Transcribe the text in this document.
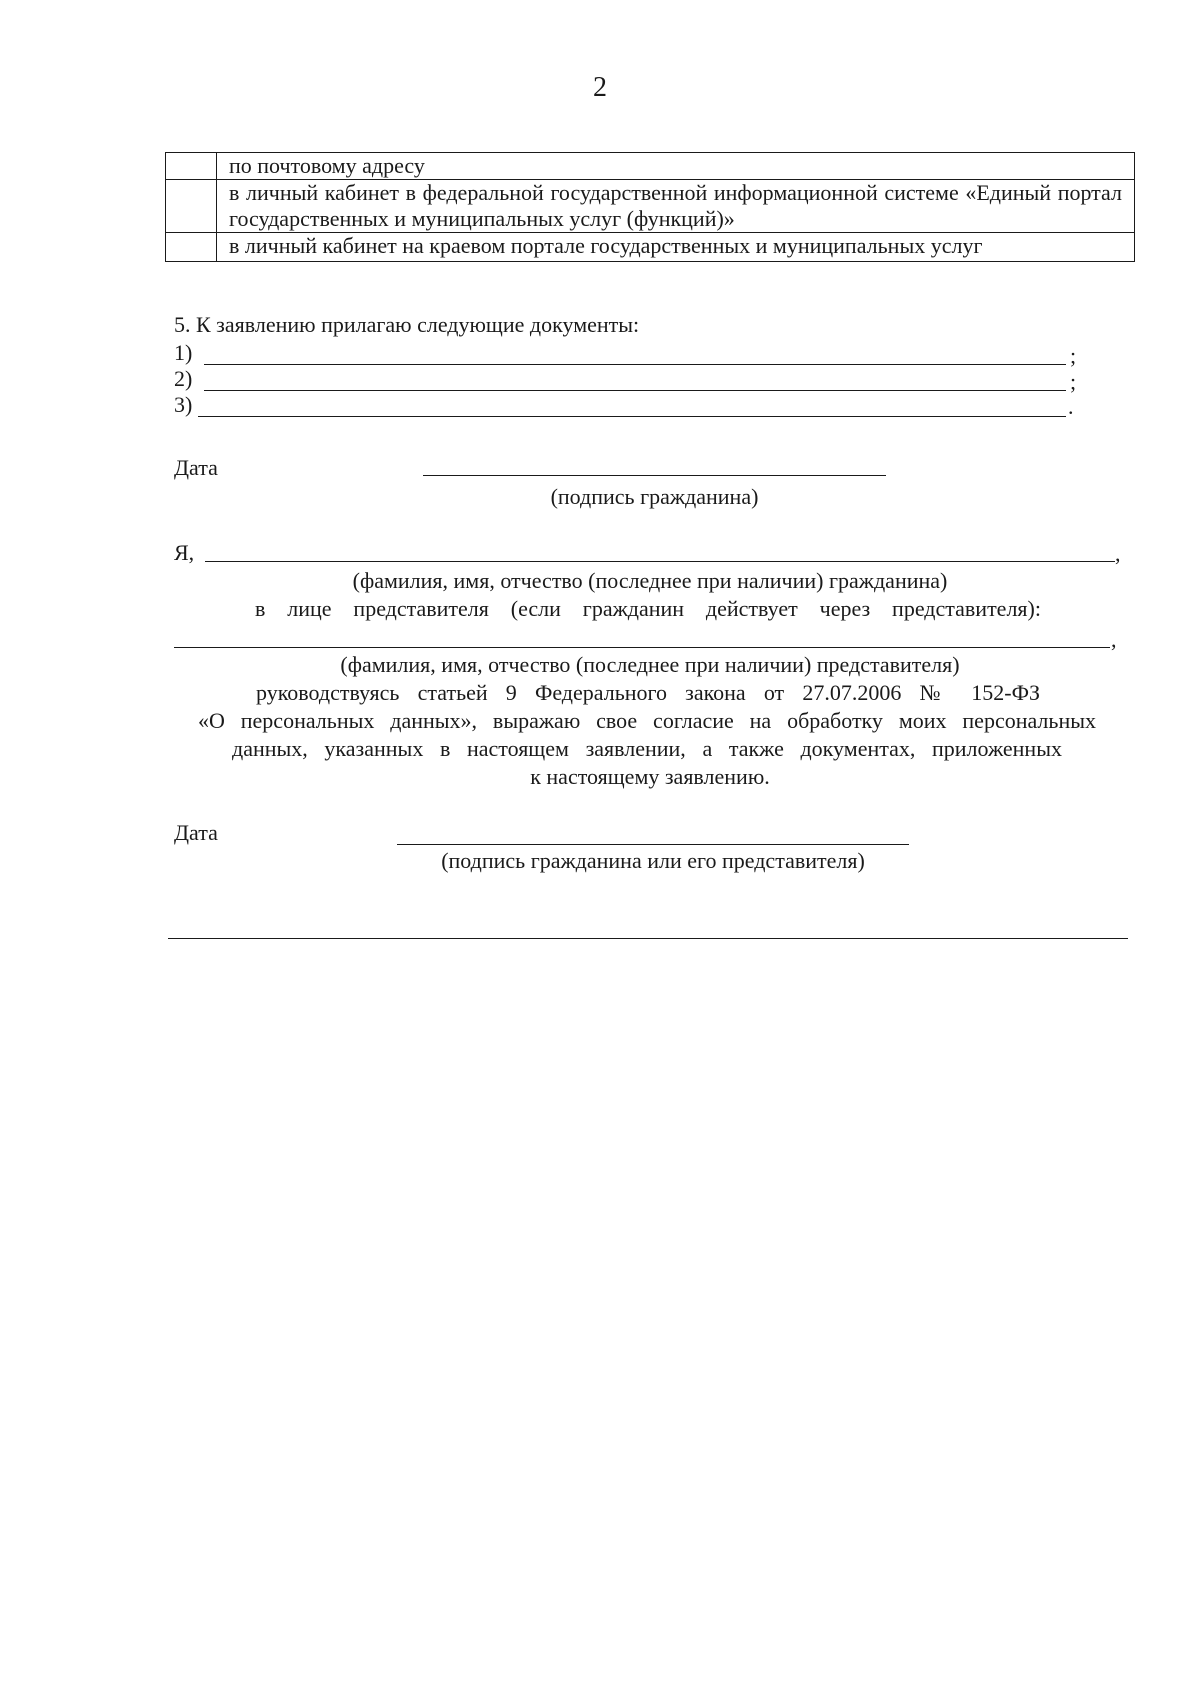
2
	по почтовому адресу
	в личный кабинет в федеральной государственной информационной системе «Единый портал государственных и муниципальных услуг (функций)»
	в личный кабинет на краевом портале государственных и муниципальных услуг
5. К заявлению прилагаю следующие документы:
1)	;
2)	;
3)	.
Дата
(подпись гражданина)
Я,	,
(фамилия, имя, отчество (последнее при наличии) гражданина)
в лице представителя (если гражданин действует через представителя):
,
(фамилия, имя, отчество (последнее при наличии) представителя)
руководствуясь статьей 9 Федерального закона от 27.07.2006 № 152-ФЗ
«О персональных данных», выражаю свое согласие на обработку моих персональных
данных, указанных в настоящем заявлении, а также документах, приложенных
к настоящему заявлению.
Дата
(подпись гражданина или его представителя)
